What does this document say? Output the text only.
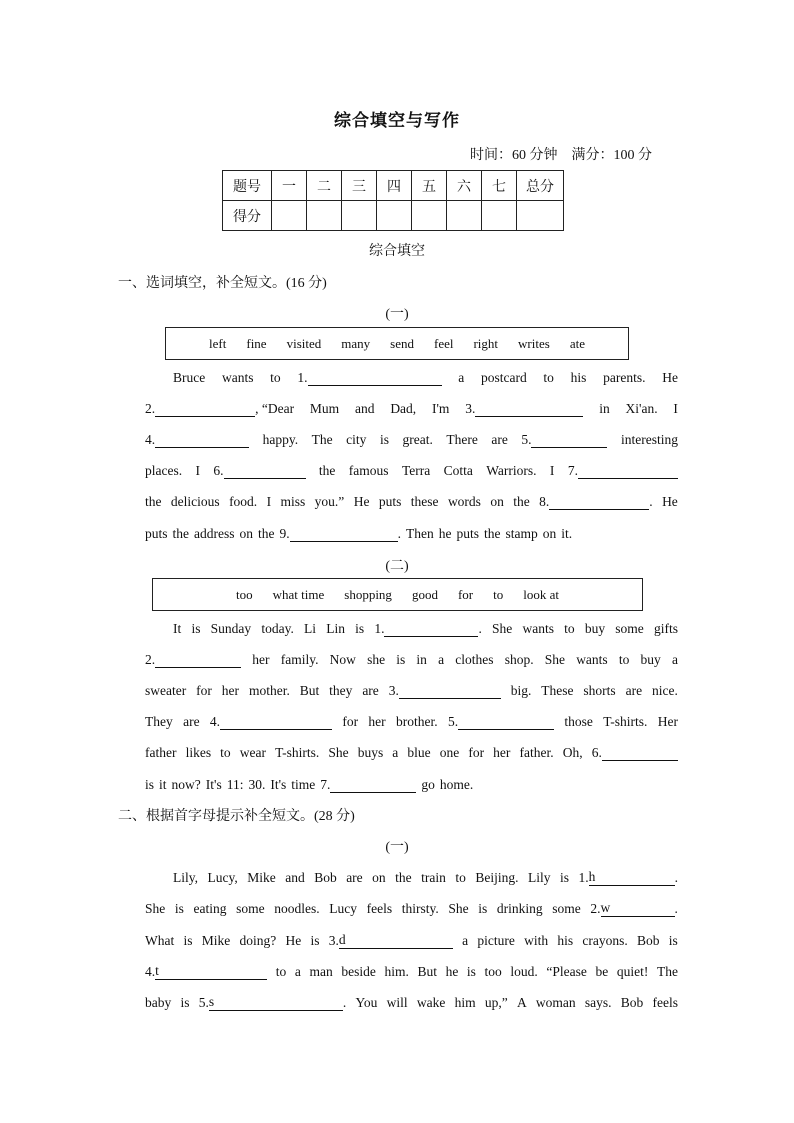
综合填空与写作
时间：60 分钟 满分：100 分
题号	一	二	三	四	五	六	七	总分
得分								
综合填空
一、选词填空，补全短文。(16 分)
(一)
left fine visited many send feel right writes ate
Bruce wants to 1.	a postcard to his parents. He
2.	, “Dear Mum and Dad, I'm 3.	in Xi'an. I
4.	happy. The city is great. There are 5.	interesting
places. I 6.	the famous Terra Cotta Warriors. I 7.
the delicious food. I miss you.” He puts these words on the 8.	. He
puts the address on the 9.	. Then he puts the stamp on it.
(二)
too what time shopping good for to look at
It is Sunday today. Li Lin is 1.	. She wants to buy some gifts
2.	her family. Now she is in a clothes shop. She wants to buy a
sweater for her mother. But they are 3.	big. These shorts are nice.
They are 4.	for her brother. 5.	those T-shirts. Her
father likes to wear T-shirts. She buys a blue one for her father. Oh, 6.
is it now? It's 11: 30. It's time 7.	go home.
二、根据首字母提示补全短文。(28 分)
(一)
Lily, Lucy, Mike and Bob are on the train to Beijing. Lily is 1.h	.
She is eating some noodles. Lucy feels thirsty. She is drinking some 2.w	.
What is Mike doing? He is 3.d	a picture with his crayons. Bob is
4.t	to a man beside him. But he is too loud. “Please be quiet! The
baby is 5.s	. You will wake him up,” A woman says. Bob feels
